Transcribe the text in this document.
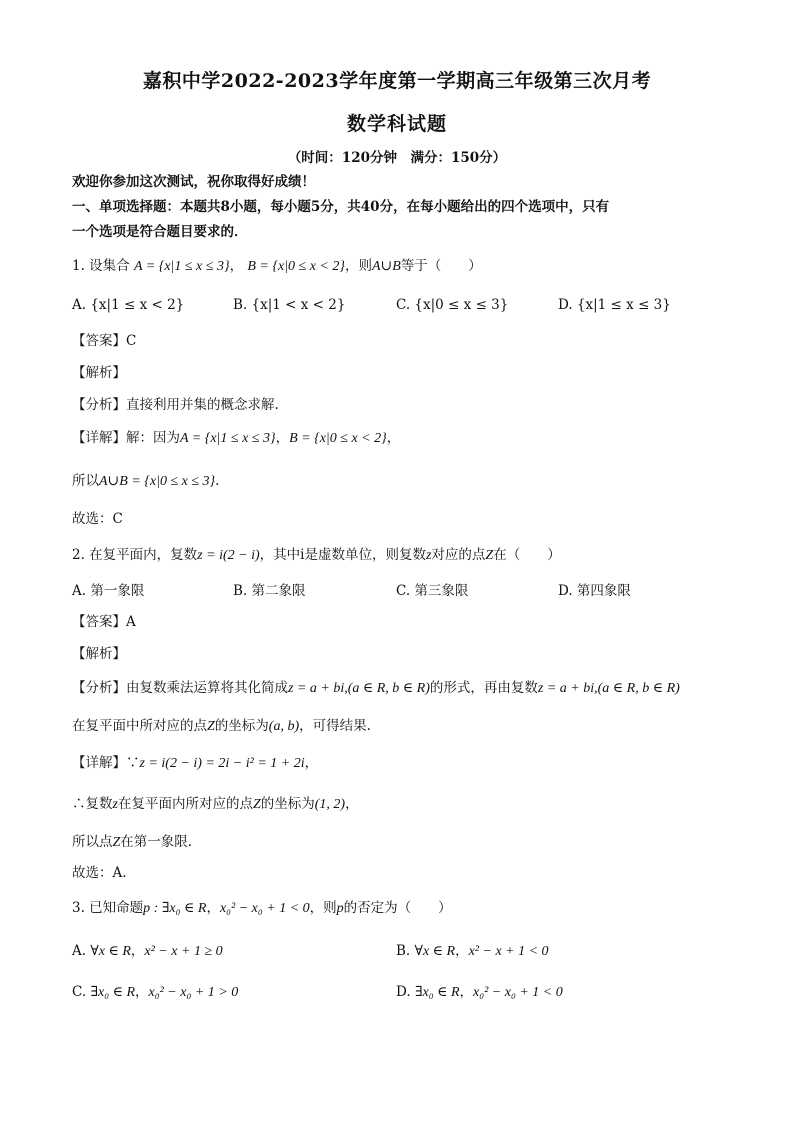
嘉积中学2022-2023学年度第一学期高三年级第三次月考
数学科试题
（时间：120分钟　满分：150分）
欢迎你参加这次测试，祝你取得好成绩！
一、单项选择题：本题共8小题，每小题5分，共40分，在每小题给出的四个选项中，只有
一个选项是符合题目要求的．
1. 设集合 A = {x|1 ≤ x ≤ 3}， B = {x|0 ≤ x < 2}，则A∪B等于（　　）
A. {x|1 ≤ x < 2}	B. {x|1 < x < 2}	C. {x|0 ≤ x ≤ 3}	D. {x|1 ≤ x ≤ 3}
【答案】C
【解析】
【分析】直接利用并集的概念求解.
【详解】解：因为A = {x|1 ≤ x ≤ 3}，B = {x|0 ≤ x < 2}，
所以A∪B = {x|0 ≤ x ≤ 3}.
故选：C
2. 在复平面内，复数z = i(2 − i)，其中i是虚数单位，则复数z对应的点Z在（　　）
A. 第一象限	B. 第二象限	C. 第三象限	D. 第四象限
【答案】A
【解析】
【分析】由复数乘法运算将其化简成z = a + bi,(a ∈ R, b ∈ R)的形式，再由复数z = a + bi,(a ∈ R, b ∈ R)
在复平面中所对应的点Z的坐标为(a, b)，可得结果.
【详解】∵z = i(2 − i) = 2i − i² = 1 + 2i，
∴复数z在复平面内所对应的点Z的坐标为(1, 2)，
所以点Z在第一象限.
故选：A.
3. 已知命题p : ∃x₀ ∈ R，x₀² − x₀ + 1 < 0，则p的否定为（　　）
A. ∀x ∈ R，x² − x + 1 ≥ 0	B. ∀x ∈ R，x² − x + 1 < 0
C. ∃x₀ ∈ R，x₀² − x₀ + 1 > 0	D. ∃x₀ ∈ R，x₀² − x₀ + 1 < 0
